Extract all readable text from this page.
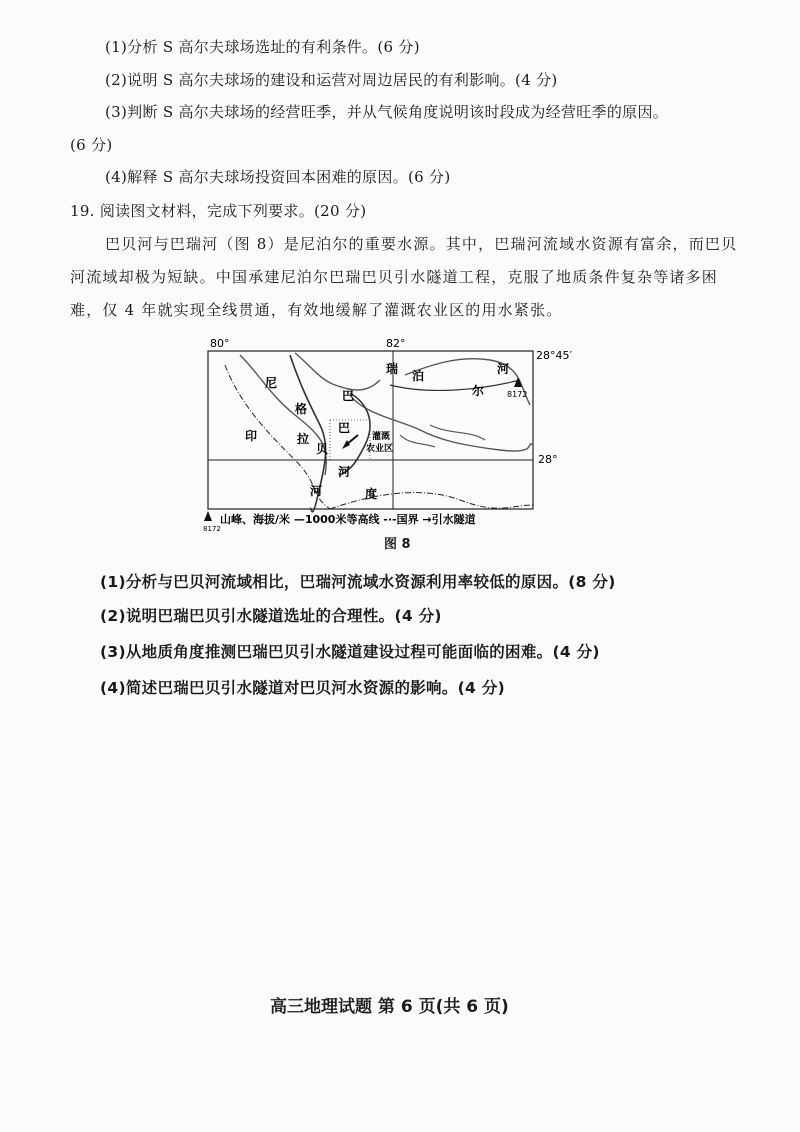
(1)分析 S 高尔夫球场选址的有利条件。(6 分)
(2)说明 S 高尔夫球场的建设和运营对周边居民的有利影响。(4 分)
(3)判断 S 高尔夫球场的经营旺季，并从气候角度说明该时段成为经营旺季的原因。
(6 分)
(4)解释 S 高尔夫球场投资回本困难的原因。(6 分)
19. 阅读图文材料，完成下列要求。(20 分)
巴贝河与巴瑞河（图 8）是尼泊尔的重要水源。其中，巴瑞河流域水资源有富余，而巴贝
河流域却极为短缺。中国承建尼泊尔巴瑞巴贝引水隧道工程，克服了地质条件复杂等诸多困
难，仅 4 年就实现全线贯通，有效地缓解了灌溉农业区的用水紧张。
80°	82°
28°45′
28°
尼	泊
尔
印
度
格
拉
巴
贝
河
瑞	河
河
巴
灌溉
农业区
8172
8172
山峰、海拔/米 —1000米等高线 -·-国界 →引水隧道
图 8
(1)分析与巴贝河流域相比，巴瑞河流域水资源利用率较低的原因。(8 分)
(2)说明巴瑞巴贝引水隧道选址的合理性。(4 分)
(3)从地质角度推测巴瑞巴贝引水隧道建设过程可能面临的困难。(4 分)
(4)简述巴瑞巴贝引水隧道对巴贝河水资源的影响。(4 分)
高三地理试题 第 6 页(共 6 页)
